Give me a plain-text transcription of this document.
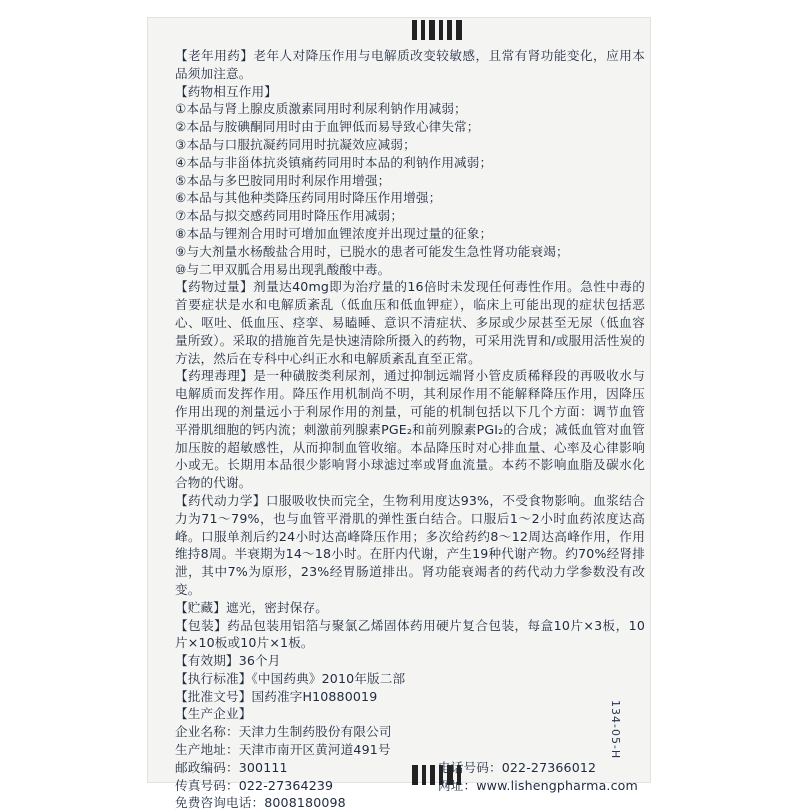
【老年用药】老年人对降压作用与电解质改变较敏感，且常有肾功能变化，应用本品须加注意。
【药物相互作用】
①本品与肾上腺皮质激素同用时利尿利钠作用减弱；
②本品与胺碘酮同用时由于血钾低而易导致心律失常；
③本品与口服抗凝药同用时抗凝效应减弱；
④本品与非甾体抗炎镇痛药同用时本品的利钠作用减弱；
⑤本品与多巴胺同用时利尿作用增强；
⑥本品与其他种类降压药同用时降压作用增强；
⑦本品与拟交感药同用时降压作用减弱；
⑧本品与锂剂合用时可增加血锂浓度并出现过量的征象；
⑨与大剂量水杨酸盐合用时，已脱水的患者可能发生急性肾功能衰竭；
⑩与二甲双胍合用易出现乳酸酸中毒。
【药物过量】剂量达40mg即为治疗量的16倍时未发现任何毒性作用。急性中毒的首要症状是水和电解质紊乱（低血压和低血钾症），临床上可能出现的症状包括恶心、呕吐、低血压、痉挛、易瞌睡、意识不清症状、多尿或少尿甚至无尿（低血容量所致）。采取的措施首先是快速清除所摄入的药物，可采用洗胃和/或服用活性炭的方法，然后在专科中心纠正水和电解质紊乱直至正常。
【药理毒理】是一种磺胺类利尿剂，通过抑制远端肾小管皮质稀释段的再吸收水与电解质而发挥作用。降压作用机制尚不明，其利尿作用不能解释降压作用，因降压作用出现的剂量远小于利尿作用的剂量，可能的机制包括以下几个方面：调节血管平滑肌细胞的钙内流；刺激前列腺素PGE₂和前列腺素PGI₂的合成；减低血管对血管加压胺的超敏感性，从而抑制血管收缩。本品降压时对心排血量、心率及心律影响小或无。长期用本品很少影响肾小球滤过率或肾血流量。本药不影响血脂及碳水化合物的代谢。
【药代动力学】口服吸收快而完全，生物利用度达93%，不受食物影响。血浆结合力为71～79%，也与血管平滑肌的弹性蛋白结合。口服后1～2小时血药浓度达高峰。口服单剂后约24小时达高峰降压作用；多次给药约8～12周达高峰作用，作用维持8周。半衰期为14～18小时。在肝内代谢，产生19种代谢产物。约70%经肾排泄，其中7%为原形，23%经胃肠道排出。肾功能衰竭者的药代动力学参数没有改变。
【贮藏】遮光，密封保存。
【包装】药品包装用铝箔与聚氯乙烯固体药用硬片复合包装，每盒10片×3板，10片×10板或10片×1板。
【有效期】36个月
【执行标准】《中国药典》2010年版二部
【批准文号】国药准字H10880019
【生产企业】
企业名称：天津力生制药股份有限公司
生产地址：天津市南开区黄河道491号
邮政编码：300111	电话号码：022-27366012
传真号码：022-27364239	网址：www.lishengpharma.com
免费咨询电话：8008180098
134-05-H
